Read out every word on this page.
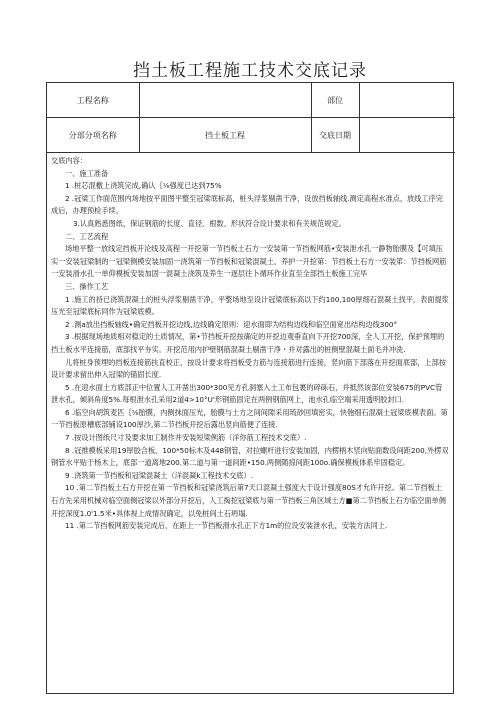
挡土板工程施工技术交底记录
工程名称		部位	
分部分项名称	挡土板工程	交底日期	

交底内容：

一、施工准备

1 .桩芯混檄上浇筑完成,确认｛⅛强度已达到75%

2 .冠梁工作面范围内场地按平面图平整至冠梁底标高，桩头浮浆剔凿干净，设放挡板轴线.测定高程水准点，放线工序完成后，办理预检手续。

3.认真熟悉图纸，保证钢筋的长度、直径、根数、形状符合设计要求和有关规范规定。

二、工艺流程

场地平整一放线定挡板开沦线及高程一开挖第一节挡板土石方一安装第一节挡板网筋•安装泄水孔一静物胎膜及【可填压实一安装冠梁制的一冠梁侧模安装加固一浇筑第一节挡板和冠梁混凝土，养护一开挖第：节挡板土石方一安装笫：节挡板网筋一安装滑水孔一单仰模板安装加固一混凝土浇筑及养生一逐层往卜循环作业直至全部挡土板施工完毕

三、操作工艺

1 .施工的持已浇筑混凝土的桩头浮浆剔凿干净，平整场地至设计冠梁底标高以下约100,100厚细石混凝土找平，表面提浆压光至冠梁底标同作为冠梁底模。

2 .测a放出挡板轴线•确定挡板开挖边线,边线确定原则：迎水面即为结构边线和临空面宽出结构边线300°

3 .根据现场地质相对稳定的土质情况，第•节挡板开挖按确定的开挖边观垂直向下开挖700深，全人工开挖，保护预埋的挡土板水平连接筋，底部找平夯实。开挖范用内护壁钢筋混凝土剔凿干净・并对露出的桩侧壁混凝土面毛并冲洗.

儿将桩身预埋的挡板连接筋扶直校正，按设计要求将挡板受力筋与连接筋进行连接，竖向筋下部落在开挖面底部，上部按设计要求留出伸入冠梁的锚固长度.

5 .在迎水面土方底部正中位置人工开凿出300*300见方孔洞塞入土工布包裹的碎砾石，并抵然该部位安装675的PVC管泄水孔，倾斜角度5%.每根泄水孔采用2道4>10°U'形钢筋固定在两例钢筋网上，池水孔临空端采用透明胶封口.

6 .临空向胡筑麦匹｛⅛胎膜，内侧抹面压光，胎膜与土方之间间隙采用琉砂回填密实，快匏细石混凝土冠梁底模表面。第一节挡板原槽底部铺设100厚沙,第二节挡板开挖后露出竖向筋便了连接.

7 .按设计图纸尺寸及要求加工制作并安装短梁例筋（洋你筋工程技术交底）.

8 .冠推模板采用19厚胶合板、100*50标木及448钢管，对拉螺杆进行安装加固，内楞柄木竖向贴面数设间距200,外楞双钢管水平贴于杨木上，底部一道离地200.第二道与第一道间距•150.两侧随掠间距100o.确保模板体系牢固稳定。

9 .浇筑第一节挡板和冠梁混凝土（洋混凝k工程技术交底）.

10 .第二节挡板土石方开挖在第一节挡板和冠梁浇筑后第7天口混凝土强度大于设计强度80S才允许开挖。第二节挡板土石方先采用机械对临空面侧冠梁以外部分开挖后，人工掏挖冠梁底与第一节挡板三角区域土方■第二节挡板上石方临空面单侧开挖深度1.0'1.5米•具体视上成情况确定，以免桩间土石坍塌.

11 .第二节挡板网筋安装完成后，在距上一节挡板滑水孔正下方1m的位设安装泄水孔，安装方法同上.
